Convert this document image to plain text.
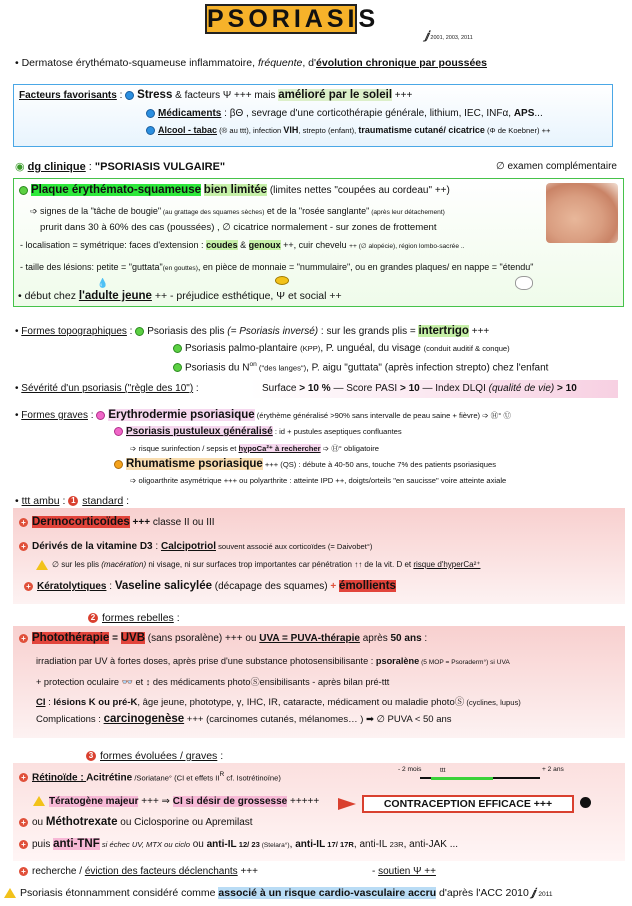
PSORIASIS
ⅉ 2001, 2003, 2011
• Dermatose érythémato-squameuse inflammatoire, fréquente, d'évolution chronique par poussées
Facteurs favorisants : Stress & facteurs Ψ +++ mais amélioré par le soleil +++
Médicaments : βΘ , sevrage d'une corticothérapie générale, lithium, IEC, INFα, APS...
Alcool - tabac (® au ttt), infection VIH, strepto (enfant), traumatisme cutané/ cicatrice (Φ de Koebner) ++
◉ dg clinique : "PSORIASIS VULGAIRE"	∅ examen complémentaire
Plaque érythémato-squameuse bien limitée (limites nettes "coupées au cordeau" ++)
➩ signes de la "tâche de bougie" (au grattage des squames sèches) et de la "rosée sanglante" (après leur détachement)
prurit dans 30 à 60% des cas (poussées) , ∅ cicatrice normalement - sur zones de frottement
- localisation = symétrique: faces d'extension : coudes & genoux ++, cuir chevelu ++ (∅ alopécie), région lombo-sacrée ..
- taille des lésions: petite = "guttata"(en gouttes), en pièce de monnaie = "nummulaire", ou en grandes plaques/ en nappe = "étendu"
💧
• début chez l'adulte jeune ++ - préjudice esthétique, Ψ et social ++
• Formes topographiques : Psoriasis des plis (= Psoriasis inversé) : sur les grands plis = intertrigo +++
Psoriasis palmo-plantaire (KPP), P. unguéal, du visage (conduit auditif & conque)
Psoriasis du $N^{on}$ ("des langes"), P. aigu "guttata" (après infection strepto) chez l'enfant
• Sévérité d'un psoriasis ("règle des 10") :	Surface > 10 % — Score PASI > 10 — Index DLQI (qualité de vie) > 10
• Formes graves : Erythrodermie psoriasique (érythème généralisé >90% sans intervalle de peau saine + fièvre) ➩ Ⓗ° Ⓤ
Psoriasis pustuleux généralisé : id + pustules aseptiques confluantes
➩ risque surinfection / sepsis et hypoCa²⁺ à rechercher ➩ Ⓗ° obligatoire
Rhumatisme psoriasique +++ (QS) : débute à 40-50 ans, touche 7% des patients psoriasiques
➩ oligoarthrite asymétrique +++ ou polyarthrite : atteinte IPD ++, doigts/orteils "en saucisse" voire atteinte axiale
• ttt ambu : 1 standard :
+ Dermocorticoïdes +++ classe II ou III
+ Dérivés de la vitamine D3 : Calcipotriol souvent associé aux corticoïdes (= Daivobet°)
∅ sur les plis (macération) ni visage, ni sur surfaces trop importantes car pénétration ↑↑ de la vit. D et risque d'hyperCa²⁺
+ Kératolytiques : Vaseline salicylée (décapage des squames) + émollients
2 formes rebelles :
+ Photothérapie = UVB (sans psoralène) +++ ou UVA = PUVA-thérapie après 50 ans :
irradiation par UV à fortes doses, après prise d'une substance photosensibilisante : psoralène (5 MOP = Psoraderm°) si UVA
+ protection oculaire 👓 et ↕ des médicaments photoⓈensibilisants - après bilan pré-ttt
CI : lésions K ou pré-K, âge jeune, phototype, γ, IHC, IR, cataracte, médicament ou maladie photoⓈ (cyclines, lupus)
Complications : carcinogenèse +++ (carcinomes cutanés, mélanomes… ) ➡ ∅ PUVA < 50 ans
3 formes évoluées / graves :
+ Rétinoïde : Acitrétine /Soriatane° (CI et effets $II^R$ cf. Isotrétinoïne)
- 2 mois	ttt	+ 2 ans
Tératogène majeur +++ ⇒ CI si désir de grossesse +++++	CONTRACEPTION EFFICACE +++
+ ou Méthotrexate ou Ciclosporine ou Apremilast
+ puis anti-TNF si échec UV, MTX ou ciclo ou anti-IL 12/ 23 (Stelara°), anti-IL 17/ 17R, anti-IL 23R, anti-JAK ...
+ recherche / éviction des facteurs déclenchants +++	- soutien Ψ ++
Psoriasis étonnamment considéré comme associé à un risque cardio-vasculaire accru d'après l'ACC 2010 ⅉ 2011
